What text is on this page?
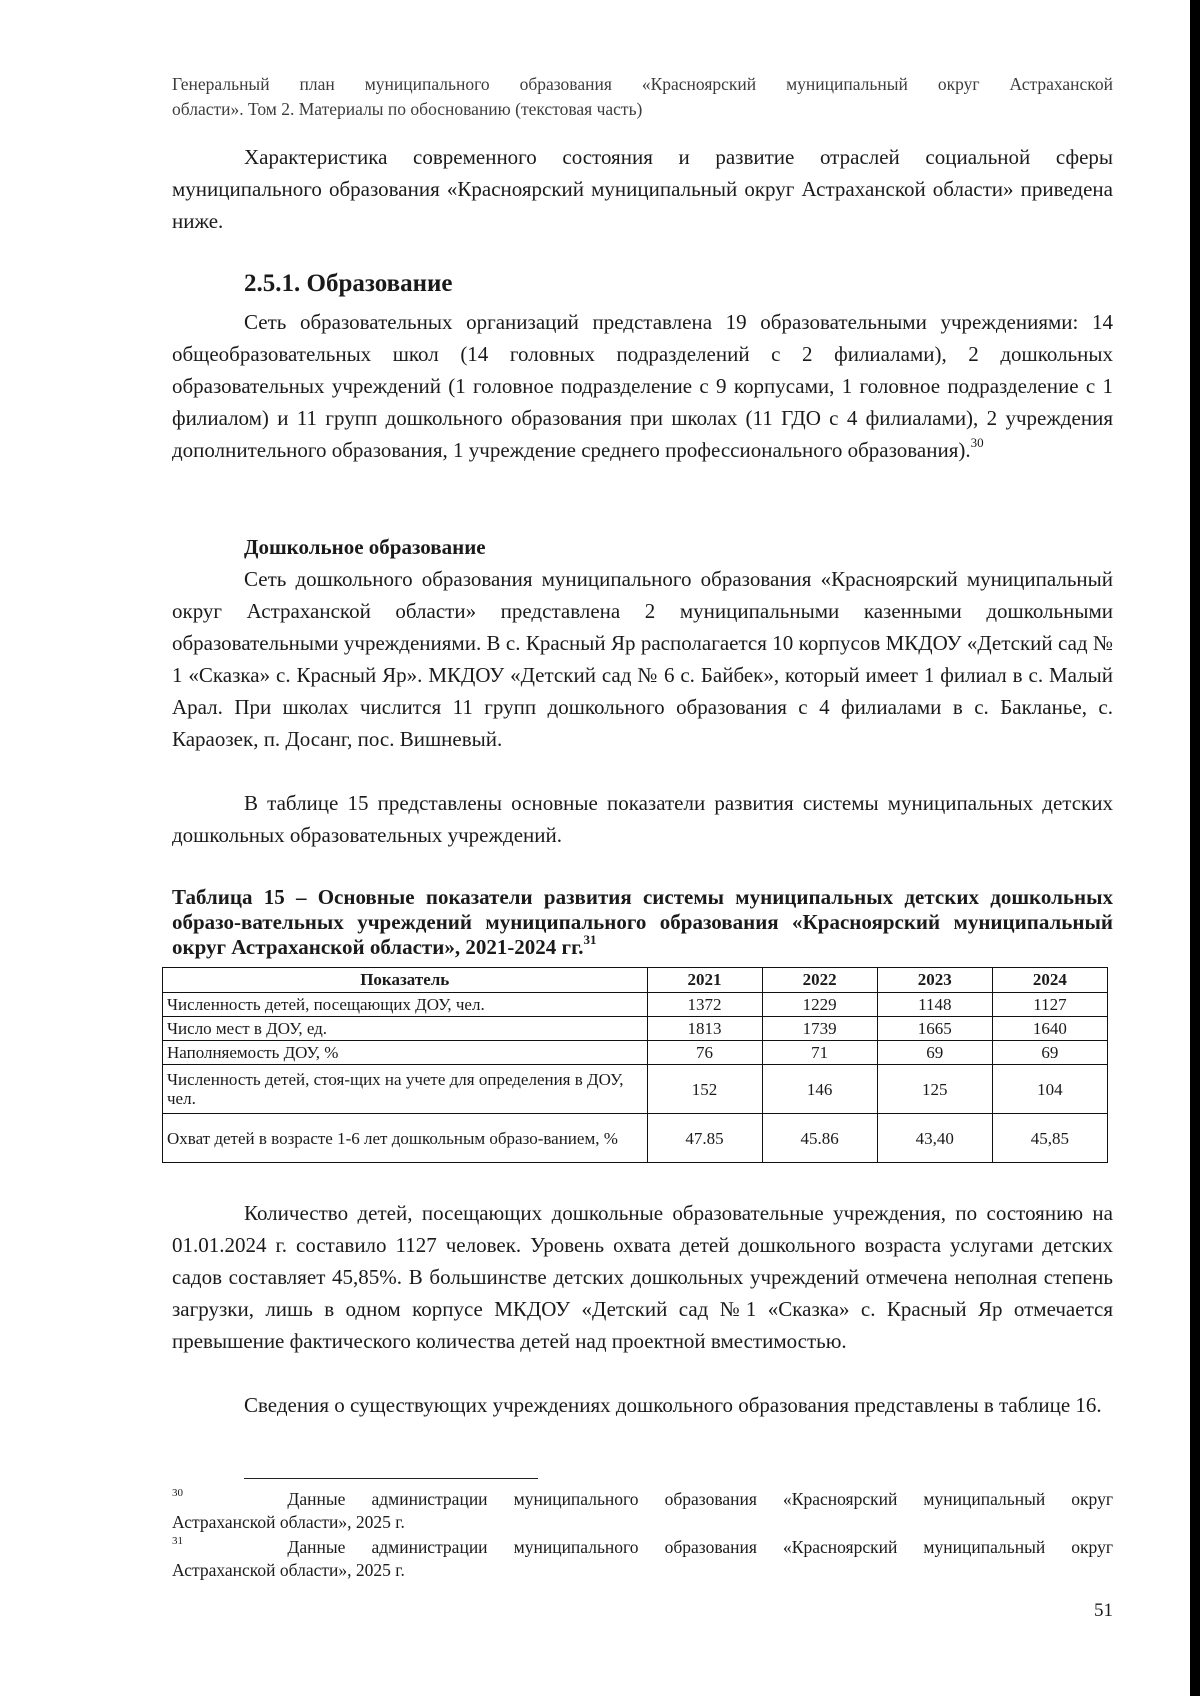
Генеральный план муниципального образования «Красноярский муниципальный округ Астраханской
области». Том 2. Материалы по обоснованию (текстовая часть)
Характеристика современного состояния и развитие отраслей социальной сферы муниципального образования «Красноярский муниципальный округ Астраханской области» приведена ниже.
2.5.1. Образование
Сеть образовательных организаций представлена 19 образовательными учреждениями: 14 общеобразовательных школ (14 головных подразделений с 2 филиалами), 2 дошкольных образовательных учреждений (1 головное подразделение с 9 корпусами, 1 головное подразделение с 1 филиалом) и 11 групп дошкольного образования при школах (11 ГДО с 4 филиалами), 2 учреждения дополнительного образования, 1 учреждение среднего профессионального образования).$^{30}$
Дошкольное образование
Сеть дошкольного образования муниципального образования «Красноярский муниципальный округ Астраханской области» представлена 2 муниципальными казенными дошкольными образовательными учреждениями. В с. Красный Яр располагается 10 корпусов МКДОУ «Детский сад № 1 «Сказка» с. Красный Яр». МКДОУ «Детский сад № 6 с. Байбек», который имеет 1 филиал в с. Малый Арал. При школах числится 11 групп дошкольного образования с 4 филиалами в с. Бакланье, с. Караозек, п. Досанг, пос. Вишневый.
В таблице 15 представлены основные показатели развития системы муниципальных детских дошкольных образовательных учреждений.
Таблица 15 – Основные показатели развития системы муниципальных детских дошкольных образо-вательных учреждений муниципального образования «Красноярский муниципальный округ Астраханской области», 2021-2024 гг.$^{31}$
Показатель	2021	2022	2023	2024
Численность детей, посещающих ДОУ, чел.	1372	1229	1148	1127
Число мест в ДОУ, ед.	1813	1739	1665	1640
Наполняемость ДОУ, %	76	71	69	69
Численность детей, стоя-щих на учете для определения в ДОУ, чел.	152	146	125	104
Охват детей в возрасте 1-6 лет дошкольным образо-ванием, %	47.85	45.86	43,40	45,85
Количество детей, посещающих дошкольные образовательные учреждения, по состоянию на 01.01.2024 г. составило 1127 человек. Уровень охвата детей дошкольного возраста услугами детских садов составляет 45,85%. В большинстве детских дошкольных учреждений отмечена неполная степень загрузки, лишь в одном корпусе МКДОУ «Детский сад №1 «Сказка» с. Красный Яр отмечается превышение фактического количества детей над проектной вместимостью.
Сведения о существующих учреждениях дошкольного образования представлены в таблице 16.
$^{30}$	Данные администрации муниципального образования «Красноярский муниципальный округ
Астраханской области», 2025 г.
$^{31}$	Данные администрации муниципального образования «Красноярский муниципальный округ
Астраханской области», 2025 г.
51
